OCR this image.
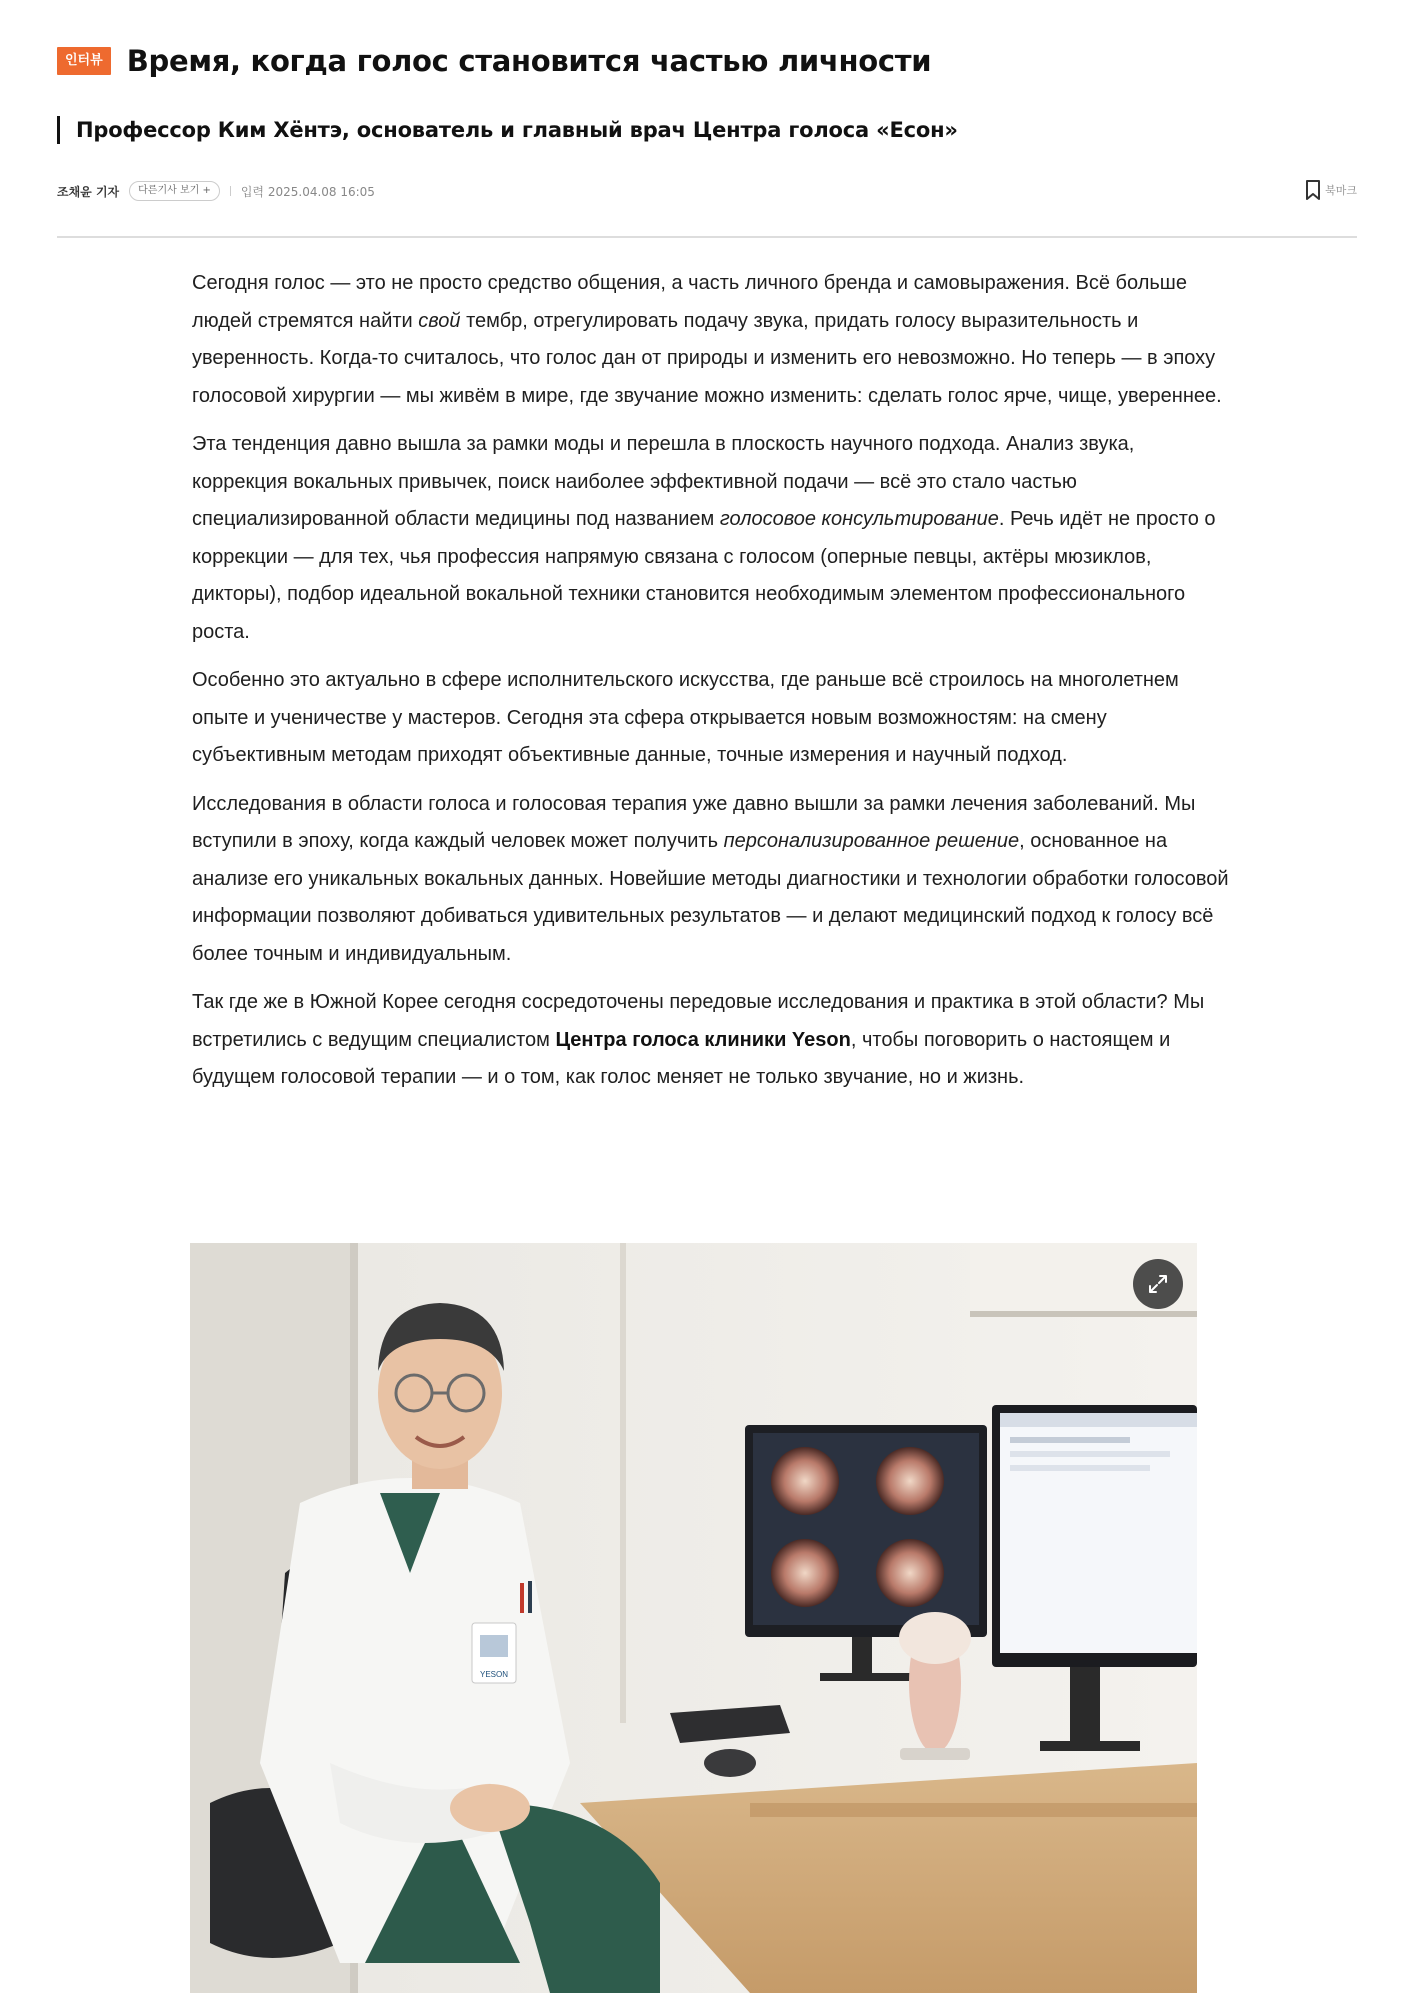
인터뷰 Время, когда голос становится частью личности
Профессор Ким Хёнтэ, основатель и главный врач Центра голоса «Есон»
조채윤 기자	다른기사 보기 +	입력 2025.04.08 16:05	북마크

Сегодня голос — это не просто средство общения, а часть личного бренда и самовыражения. Всё больше людей стремятся найти свой тембр, отрегулировать подачу звука, придать голосу выразительность и уверенность. Когда-то считалось, что голос дан от природы и изменить его невозможно. Но теперь — в эпоху голосовой хирургии — мы живём в мире, где звучание можно изменить: сделать голос ярче, чище, увереннее.

Эта тенденция давно вышла за рамки моды и перешла в плоскость научного подхода. Анализ звука, коррекция вокальных привычек, поиск наиболее эффективной подачи — всё это стало частью специализированной области медицины под названием голосовое консультирование. Речь идёт не просто о коррекции — для тех, чья профессия напрямую связана с голосом (оперные певцы, актёры мюзиклов, дикторы), подбор идеальной вокальной техники становится необходимым элементом профессионального роста.

Особенно это актуально в сфере исполнительского искусства, где раньше всё строилось на многолетнем опыте и ученичестве у мастеров. Сегодня эта сфера открывается новым возможностям: на смену субъективным методам приходят объективные данные, точные измерения и научный подход.

Исследования в области голоса и голосовая терапия уже давно вышли за рамки лечения заболеваний. Мы вступили в эпоху, когда каждый человек может получить персонализированное решение, основанное на анализе его уникальных вокальных данных. Новейшие методы диагностики и технологии обработки голосовой информации позволяют добиваться удивительных результатов — и делают медицинский подход к голосу всё более точным и индивидуальным.

Так где же в Южной Корее сегодня сосредоточены передовые исследования и практика в этой области? Мы встретились с ведущим специалистом Центра голоса клиники Yeson, чтобы поговорить о настоящем и будущем голосовой терапии — и о том, как голос меняет не только звучание, но и жизнь.

YESON
